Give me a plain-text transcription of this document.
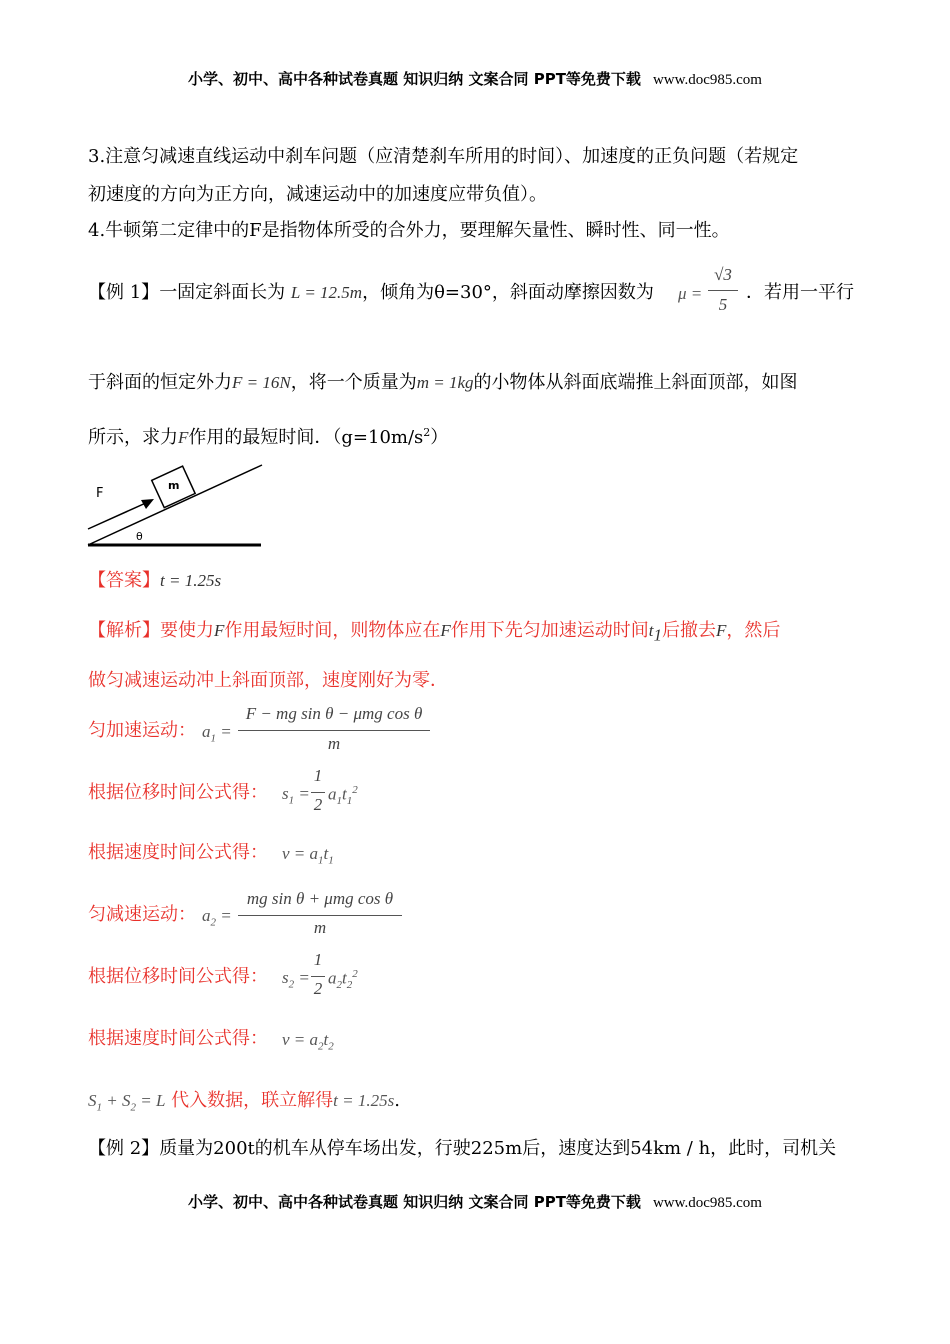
小学、初中、高中各种试卷真题 知识归纳 文案合同 PPT等免费下载 www.doc985.com
3.注意匀减速直线运动中刹车问题（应清楚刹车所用的时间）、加速度的正负问题（若规定
初速度的方向为正方向，减速运动中的加速度应带负值）。
4.牛顿第二定律中的F是指物体所受的合外力，要理解矢量性、瞬时性、同一性。
【例 1】一固定斜面长为 L = 12.5m，倾角为θ=30°，斜面动摩擦因数为 μ =
√3
5
．若用一平行
于斜面的恒定外力F = 16N，将一个质量为m = 1kg的小物体从斜面底端推上斜面顶部，如图
所示，求力F作用的最短时间．$(g=10m/s^2)$
m
F
θ
【答案】t = 1.25s
【解析】要使力F作用最短时间，则物体应在F作用下先匀加速运动时间$t_1$后撤去F，然后
做匀减速运动冲上斜面顶部，速度刚好为零．
匀加速运动： $a_1$ =
F − mg sin θ − μmg cos θ
m
根据位移时间公式得： $s_1$ =
1
2
$a_1t_1^2$
根据速度时间公式得： $v = a_1t_1$
匀减速运动： $a_2$ =
mg sin θ + μmg cos θ
m
根据位移时间公式得： $s_2$ =
1
2
$a_2t_2^2$
根据速度时间公式得： $v = a_2t_2$
$S_1 + S_2 = L$ 代入数据，联立解得t = 1.25s.
【例 2】质量为200t的机车从停车场出发，行驶225m后，速度达到54km / h，此时，司机关
小学、初中、高中各种试卷真题 知识归纳 文案合同 PPT等免费下载 www.doc985.com
